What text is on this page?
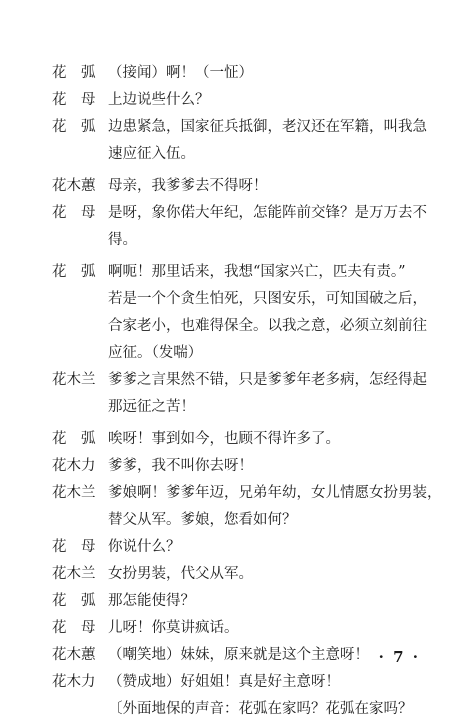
花　弧 （接闻）啊！（一怔）
花　母 上边说些什么？
花　弧 边患紧急，国家征兵抵御，老汉还在军籍，叫我急
速应征入伍。
花木蕙 母亲，我爹爹去不得呀！
花　母 是呀，象你偌大年纪，怎能阵前交锋？是万万去不
得。
花　弧 啊呃！那里话来，我想“国家兴亡，匹夫有责。”
若是一个个贪生怕死，只图安乐，可知国破之后，
合家老小，也难得保全。以我之意，必须立刻前往
应征。（发喘）
花木兰 爹爹之言果然不错，只是爹爹年老多病，怎经得起
那远征之苦！
花　弧 唉呀！事到如今，也顾不得许多了。
花木力 爹爹，我不叫你去呀！
花木兰 爹娘啊！爹爹年迈，兄弟年幼，女儿情愿女扮男装，
替父从军。爹娘，您看如何？
花　母 你说什么？
花木兰 女扮男装，代父从军。
花　弧 那怎能使得？
花　母 儿呀！你莫讲疯话。
花木蕙 （嘲笑地）妹妹，原来就是这个主意呀！
花木力 （赞成地）好姐姐！真是好主意呀！
〔外面地保的声音：花弧在家吗？花弧在家吗？
· 7 ·
